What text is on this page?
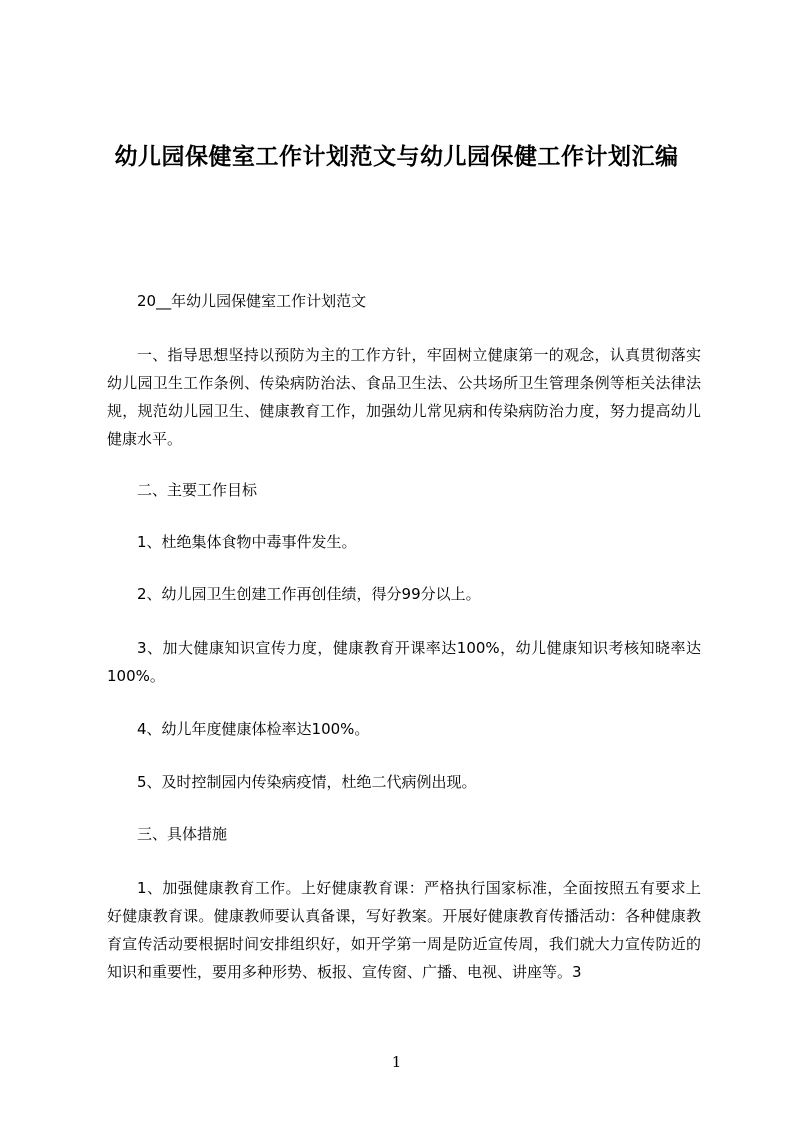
幼儿园保健室工作计划范文与幼儿园保健工作计划汇编
20__年幼儿园保健室工作计划范文
一、指导思想坚持以预防为主的工作方针，牢固树立健康第一的观念，认真贯彻落实幼儿园卫生工作条例、传染病防治法、食品卫生法、公共场所卫生管理条例等柜关法律法规，规范幼儿园卫生、健康教育工作，加强幼儿常见病和传染病防治力度，努力提高幼儿健康水平。
二、主要工作目标
1、杜绝集体食物中毒事件发生。
2、幼儿园卫生创建工作再创佳绩，得分99分以上。
3、加大健康知识宣传力度，健康教育开课率达100%，幼儿健康知识考核知晓率达100%。
4、幼儿年度健康体检率达100%。
5、及时控制园内传染病疫情，杜绝二代病例出现。
三、具体措施
1、加强健康教育工作。上好健康教育课：严格执行国家标准，全面按照五有要求上好健康教育课。健康教师要认真备课，写好教案。开展好健康教育传播活动：各种健康教育宣传活动要根据时间安排组织好，如开学第一周是防近宣传周，我们就大力宣传防近的知识和重要性，要用多种形势、板报、宣传窗、广播、电视、讲座等。3
1
